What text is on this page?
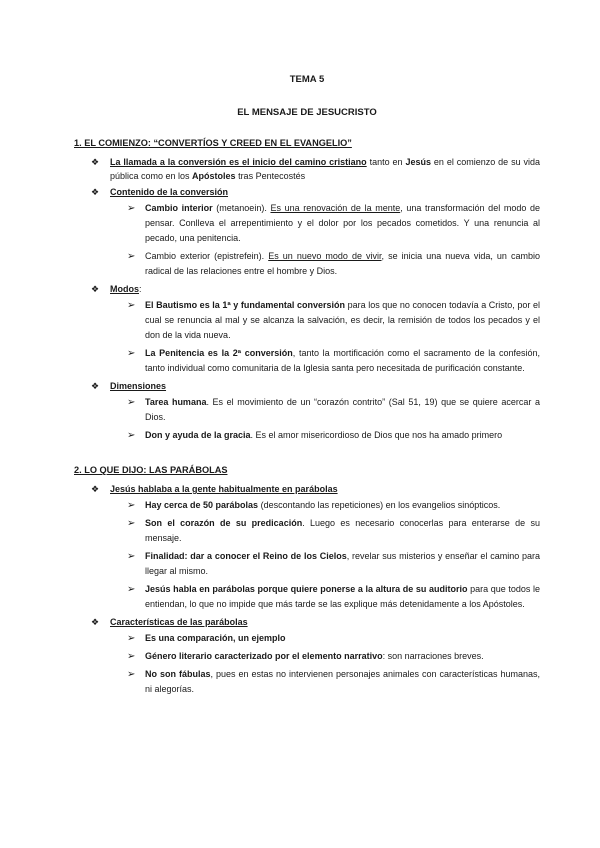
TEMA 5
EL MENSAJE DE JESUCRISTO
1. EL COMIENZO: “CONVERTÍOS Y CREED EN EL EVANGELIO”
❖ La llamada a la conversión es el inicio del camino cristiano tanto en Jesús en el comienzo de su vida pública como en los Apóstoles tras Pentecostés
❖ Contenido de la conversión
➢ Cambio interior (metanoein). Es una renovación de la mente, una transformación del modo de pensar. Conlleva el arrepentimiento y el dolor por los pecados cometidos. Y una renuncia al pecado, una penitencia.
➢ Cambio exterior (epistrefein). Es un nuevo modo de vivir, se inicia una nueva vida, un cambio radical de las relaciones entre el hombre y Dios.
❖ Modos:
➢ El Bautismo es la 1ª y fundamental conversión para los que no conocen todavía a Cristo, por el cual se renuncia al mal y se alcanza la salvación, es decir, la remisión de todos los pecados y el don de la vida nueva.
➢ La Penitencia es la 2ª conversión, tanto la mortificación como el sacramento de la confesión, tanto individual como comunitaria de la Iglesia santa pero necesitada de purificación constante.
❖ Dimensiones
➢ Tarea humana. Es el movimiento de un “corazón contrito” (Sal 51, 19) que se quiere acercar a Dios.
➢ Don y ayuda de la gracia. Es el amor misericordioso de Dios que nos ha amado primero
2. LO QUE DIJO: LAS PARÁBOLAS
❖ Jesús hablaba a la gente habitualmente en parábolas
➢ Hay cerca de 50 parábolas (descontando las repeticiones) en los evangelios sinópticos.
➢ Son el corazón de su predicación. Luego es necesario conocerlas para enterarse de su mensaje.
➢ Finalidad: dar a conocer el Reino de los Cielos, revelar sus misterios y enseñar el camino para llegar al mismo.
➢ Jesús habla en parábolas porque quiere ponerse a la altura de su auditorio para que todos le entiendan, lo que no impide que más tarde se las explique más detenidamente a los Apóstoles.
❖ Características de las parábolas
➢ Es una comparación, un ejemplo
➢ Género literario caracterizado por el elemento narrativo: son narraciones breves.
➢ No son fábulas, pues en estas no intervienen personajes animales con características humanas, ni alegorías.
